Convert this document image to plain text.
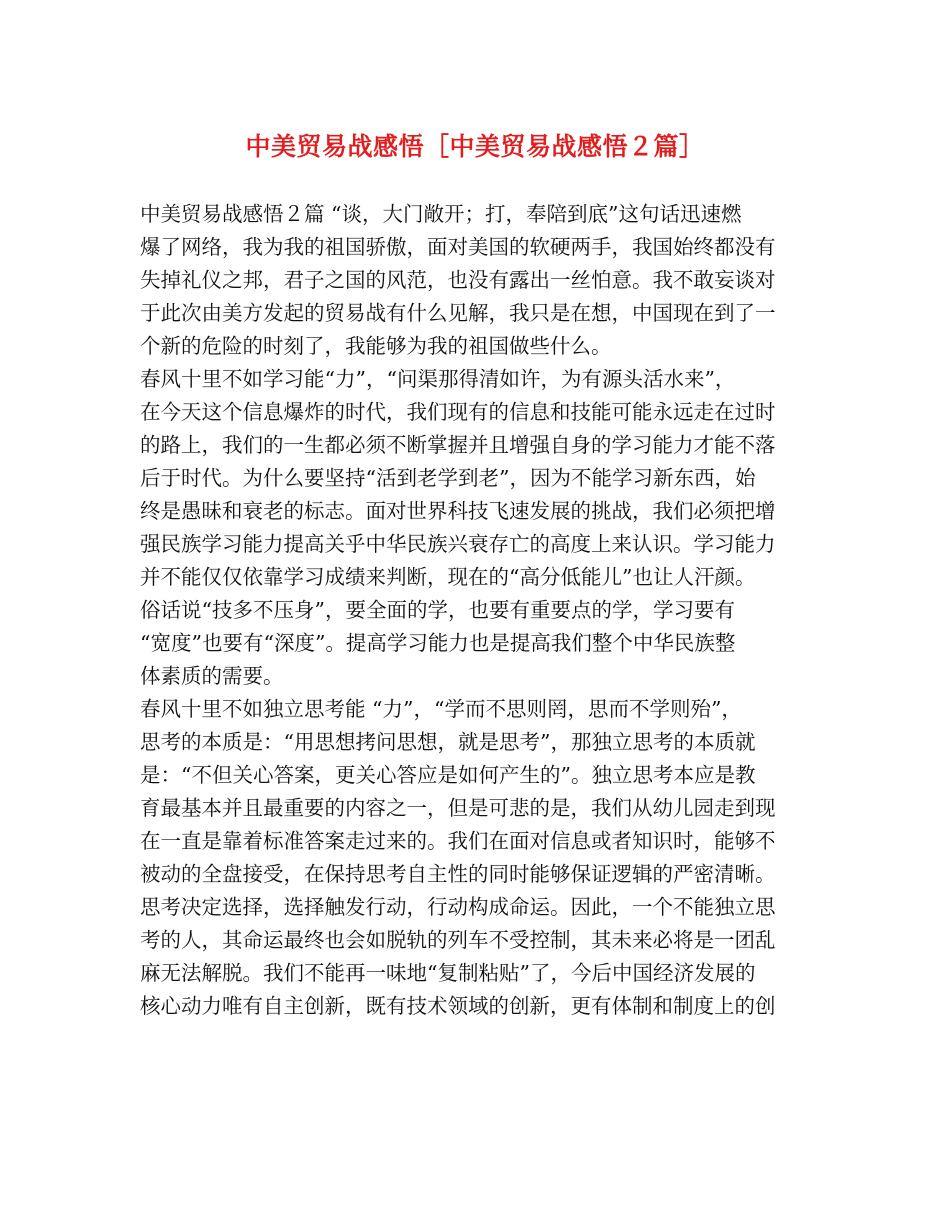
中美贸易战感悟［中美贸易战感悟２篇］
中美贸易战感悟２篇 “谈，大门敞开；打，奉陪到底”这句话迅速燃
爆了网络，我为我的祖国骄傲，面对美国的软硬两手，我国始终都没有
失掉礼仪之邦，君子之国的风范，也没有露出一丝怕意。我不敢妄谈对
于此次由美方发起的贸易战有什么见解，我只是在想，中国现在到了一
个新的危险的时刻了，我能够为我的祖国做些什么。
春风十里不如学习能“力”，“问渠那得清如许，为有源头活水来”，
在今天这个信息爆炸的时代，我们现有的信息和技能可能永远走在过时
的路上，我们的一生都必须不断掌握并且增强自身的学习能力才能不落
后于时代。为什么要坚持“活到老学到老”，因为不能学习新东西，始
终是愚昧和衰老的标志。面对世界科技飞速发展的挑战，我们必须把增
强民族学习能力提高关乎中华民族兴衰存亡的高度上来认识。学习能力
并不能仅仅依靠学习成绩来判断，现在的“高分低能儿”也让人汗颜。
俗话说“技多不压身”，要全面的学，也要有重要点的学，学习要有
“宽度”也要有“深度”。提高学习能力也是提高我们整个中华民族整
体素质的需要。
春风十里不如独立思考能 “力”，“学而不思则罔，思而不学则殆”，
思考的本质是：“用思想拷问思想，就是思考”，那独立思考的本质就
是：“不但关心答案，更关心答应是如何产生的”。独立思考本应是教
育最基本并且最重要的内容之一，但是可悲的是，我们从幼儿园走到现
在一直是靠着标准答案走过来的。我们在面对信息或者知识时，能够不
被动的全盘接受，在保持思考自主性的同时能够保证逻辑的严密清晰。
思考决定选择，选择触发行动，行动构成命运。因此，一个不能独立思
考的人，其命运最终也会如脱轨的列车不受控制，其未来必将是一团乱
麻无法解脱。我们不能再一味地“复制粘贴”了，今后中国经济发展的
核心动力唯有自主创新，既有技术领域的创新，更有体制和制度上的创
